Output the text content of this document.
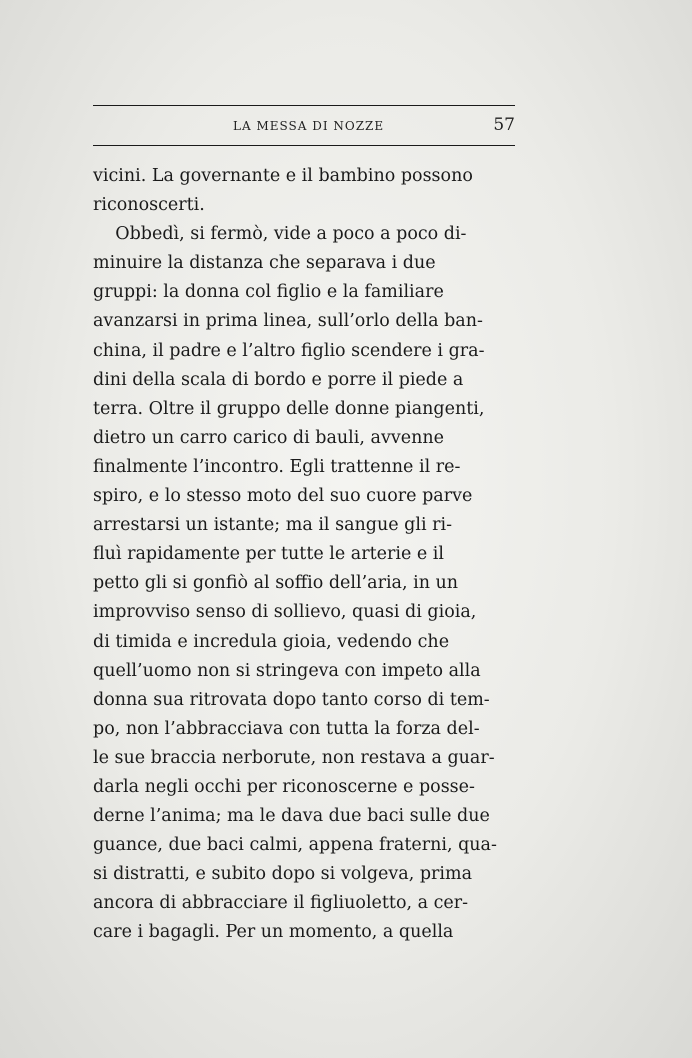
LA MESSA DI NOZZE	57
vicini. La governante e il bambino possono
riconoscerti.
Obbedì, si fermò, vide a poco a poco di-
minuire la distanza che separava i due
gruppi: la donna col figlio e la familiare
avanzarsi in prima linea, sull’orlo della ban-
china, il padre e l’altro figlio scendere i gra-
dini della scala di bordo e porre il piede a
terra. Oltre il gruppo delle donne piangenti,
dietro un carro carico di bauli, avvenne
finalmente l’incontro. Egli trattenne il re-
spiro, e lo stesso moto del suo cuore parve
arrestarsi un istante; ma il sangue gli ri-
fluì rapidamente per tutte le arterie e il
petto gli si gonfiò al soffio dell’aria, in un
improvviso senso di sollievo, quasi di gioia,
di timida e incredula gioia, vedendo che
quell’uomo non si stringeva con impeto alla
donna sua ritrovata dopo tanto corso di tem-
po, non l’abbracciava con tutta la forza del-
le sue braccia nerborute, non restava a guar-
darla negli occhi per riconoscerne e posse-
derne l’anima; ma le dava due baci sulle due
guance, due baci calmi, appena fraterni, qua-
si distratti, e subito dopo si volgeva, prima
ancora di abbracciare il figliuoletto, a cer-
care i bagagli. Per un momento, a quella
